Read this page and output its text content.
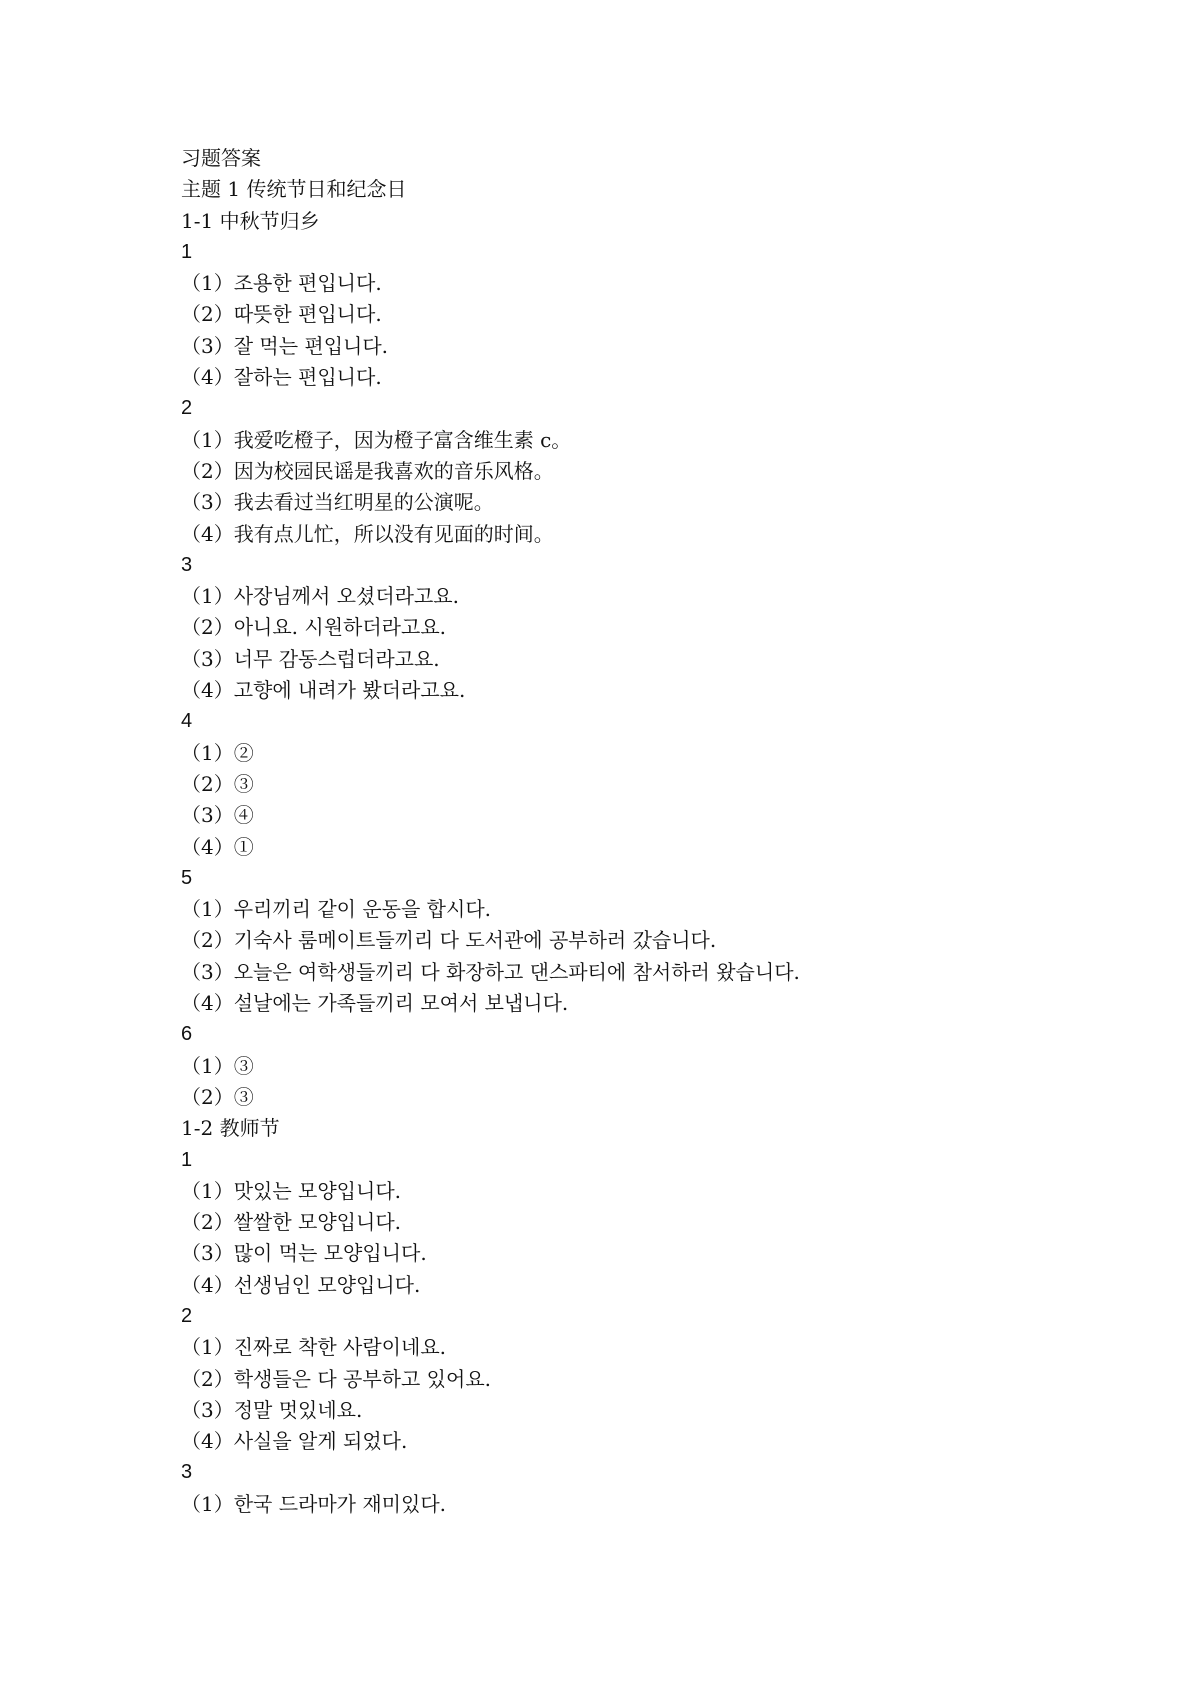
习题答案
主题 1 传统节日和纪念日
1-1 中秋节归乡
1
（1）조용한 편입니다.
（2）따뜻한 편입니다.
（3）잘 먹는 편입니다.
（4）잘하는 편입니다.
2
（1）我爱吃橙子，因为橙子富含维生素 c。
（2）因为校园民谣是我喜欢的音乐风格。
（3）我去看过当红明星的公演呢。
（4）我有点儿忙，所以没有见面的时间。
3
（1）사장님께서 오셨더라고요.
（2）아니요. 시원하더라고요.
（3）너무 감동스럽더라고요.
（4）고향에 내려가 봤더라고요.
4
（1）②
（2）③
（3）④
（4）①
5
（1）우리끼리 같이 운동을 합시다.
（2）기숙사 룸메이트들끼리 다 도서관에 공부하러 갔습니다.
（3）오늘은 여학생들끼리 다 화장하고 댄스파티에 참서하러 왔습니다.
（4）설날에는 가족들끼리 모여서 보냅니다.
6
（1）③
（2）③
1-2 教师节
1
（1）맛있는 모양입니다.
（2）쌀쌀한 모양입니다.
（3）많이 먹는 모양입니다.
（4）선생님인 모양입니다.
2
（1）진짜로 착한 사람이네요.
（2）학생들은 다 공부하고 있어요.
（3）정말 멋있네요.
（4）사실을 알게 되었다.
3
（1）한국 드라마가 재미있다.
